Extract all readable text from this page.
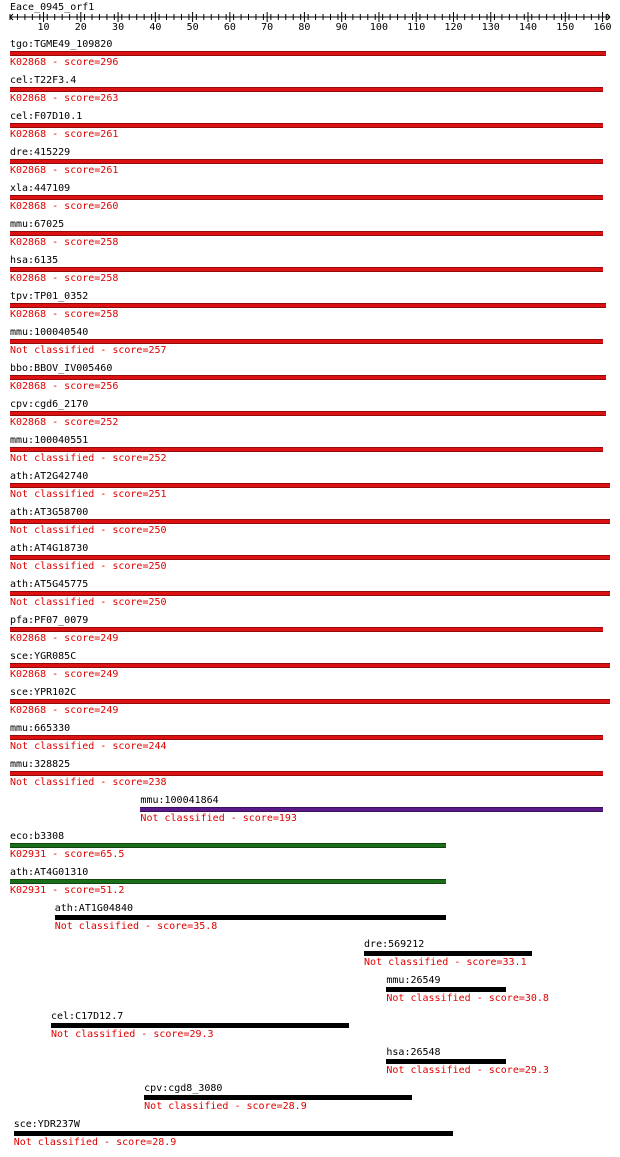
Eace_0945_orf1
10	20	30	40	50	60	70	80	90 100 110 120 130 140 150 160
tgo:TGME49_109820
K02868 - score=296
cel:T22F3.4
K02868 - score=263
cel:F07D10.1
K02868 - score=261
dre:415229
K02868 - score=261
xla:447109
K02868 - score=260
mmu:67025
K02868 - score=258
hsa:6135
K02868 - score=258
tpv:TP01_0352
K02868 - score=258
mmu:100040540
Not classified - score=257
bbo:BBOV_IV005460
K02868 - score=256
cpv:cgd6_2170
K02868 - score=252
mmu:100040551
Not classified - score=252
ath:AT2G42740
Not classified - score=251
ath:AT3G58700
Not classified - score=250
ath:AT4G18730
Not classified - score=250
ath:AT5G45775
Not classified - score=250
pfa:PF07_0079
K02868 - score=249
sce:YGR085C
K02868 - score=249
sce:YPR102C
K02868 - score=249
mmu:665330
Not classified - score=244
mmu:328825
Not classified - score=238
mmu:100041864
Not classified - score=193
eco:b3308
K02931 - score=65.5
ath:AT4G01310
K02931 - score=51.2
ath:AT1G04840
Not classified - score=35.8
dre:569212
Not classified - score=33.1
mmu:26549
Not classified - score=30.8
cel:C17D12.7
Not classified - score=29.3
hsa:26548
Not classified - score=29.3
cpv:cgd8_3080
Not classified - score=28.9
sce:YDR237W
Not classified - score=28.9
